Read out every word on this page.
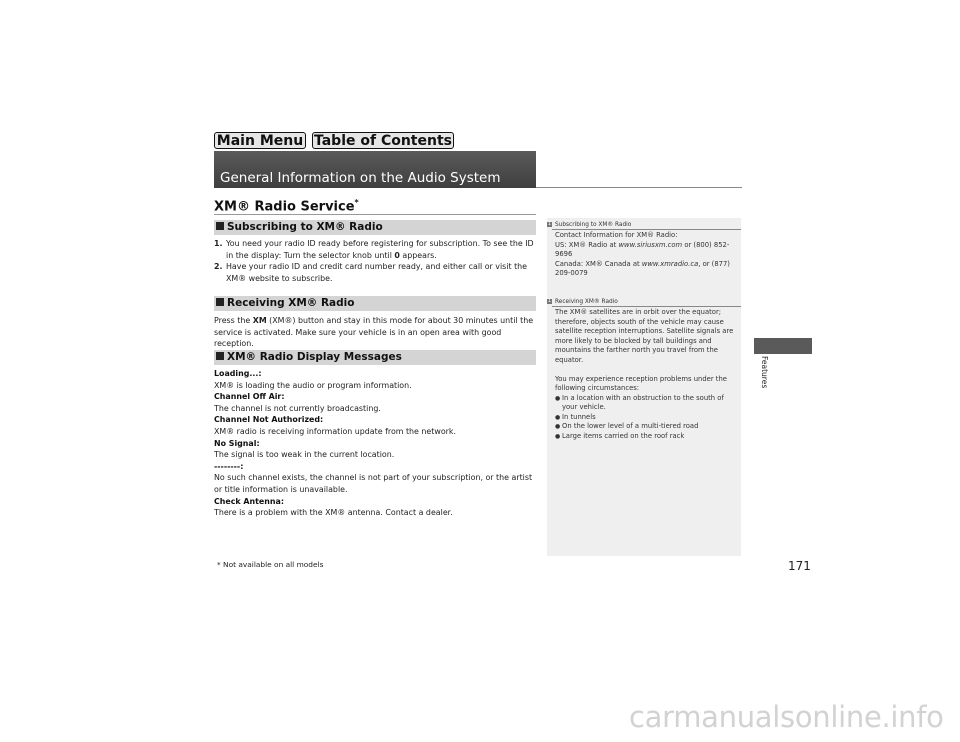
Main Menu Table of Contents
General Information on the Audio System
XM® Radio Service*
Subscribing to XM® Radio
1. You need your radio ID ready before registering for subscription. To see the ID in the display: Turn the selector knob until 0 appears.
2. Have your radio ID and credit card number ready, and either call or visit the XM® website to subscribe.
Receiving XM® Radio

Press the XM (XM®) button and stay in this mode for about 30 minutes until the service is activated. Make sure your vehicle is in an open area with good reception.

XM® Radio Display Messages
Loading...:
XM® is loading the audio or program information.
Channel Off Air:
The channel is not currently broadcasting.
Channel Not Authorized:
XM® radio is receiving information update from the network.
No Signal:
The signal is too weak in the current location.
--------:
No such channel exists, the channel is not part of your subscription, or the artist or title information is unavailable.
Check Antenna:
There is a problem with the XM® antenna. Contact a dealer.
1 Subscribing to XM® Radio
Contact Information for XM® Radio:
US: XM® Radio at www.siriusxm.com or (800) 852-9696
Canada: XM® Canada at www.xmradio.ca, or (877) 209-0079
1 Receiving XM® Radio
The XM® satellites are in orbit over the equator; therefore, objects south of the vehicle may cause satellite reception interruptions. Satellite signals are more likely to be blocked by tall buildings and mountains the farther north you travel from the equator.
You may experience reception problems under the following circumstances:
● In a location with an obstruction to the south of your vehicle.
● In tunnels
● On the lower level of a multi-tiered road
● Large items carried on the roof rack
Features
171
* Not available on all models
carmanualsonline.info
